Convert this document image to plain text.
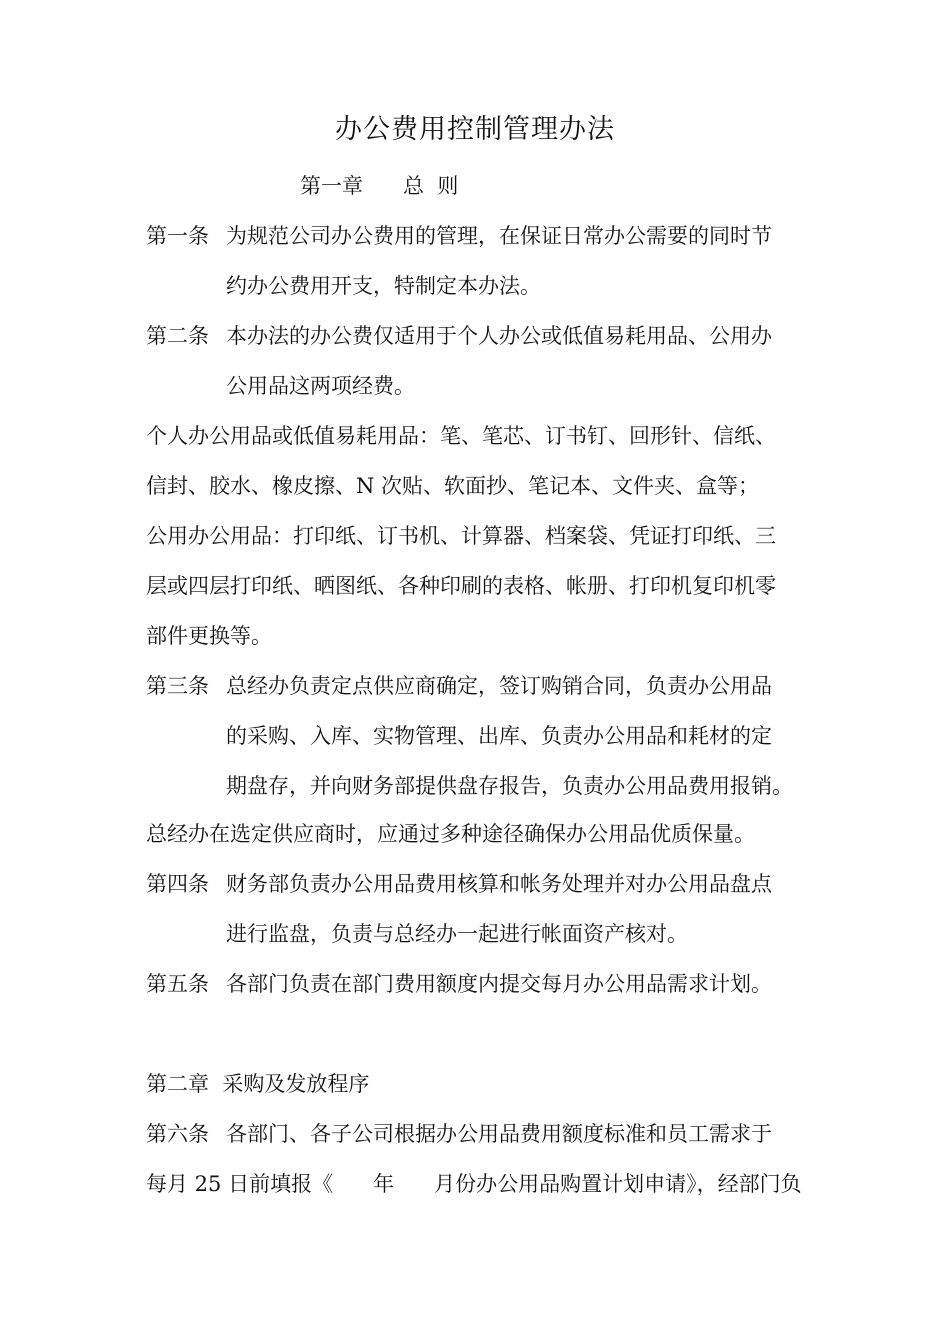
办公费用控制管理办法
第一章      总  则
第一条 为规范公司办公费用的管理，在保证日常办公需要的同时节
约办公费用开支，特制定本办法。
第二条 本办法的办公费仅适用于个人办公或低值易耗用品、公用办
公用品这两项经费。
个人办公用品或低值易耗用品：笔、笔芯、订书钉、回形针、信纸、
信封、胶水、橡皮擦、N 次贴、软面抄、笔记本、文件夹、盒等；
公用办公用品：打印纸、订书机、计算器、档案袋、凭证打印纸、三
层或四层打印纸、晒图纸、各种印刷的表格、帐册、打印机复印机零
部件更换等。
第三条 总经办负责定点供应商确定，签订购销合同，负责办公用品
的采购、入库、实物管理、出库、负责办公用品和耗材的定
期盘存，并向财务部提供盘存报告，负责办公用品费用报销。
总经办在选定供应商时，应通过多种途径确保办公用品优质保量。
第四条 财务部负责办公用品费用核算和帐务处理并对办公用品盘点
进行监盘，负责与总经办一起进行帐面资产核对。
第五条 各部门负责在部门费用额度内提交每月办公用品需求计划。
第二章  采购及发放程序
第六条 各部门、各子公司根据办公用品费用额度标准和员工需求于
每月 25 日前填报《      年      月份办公用品购置计划申请》，经部门负
